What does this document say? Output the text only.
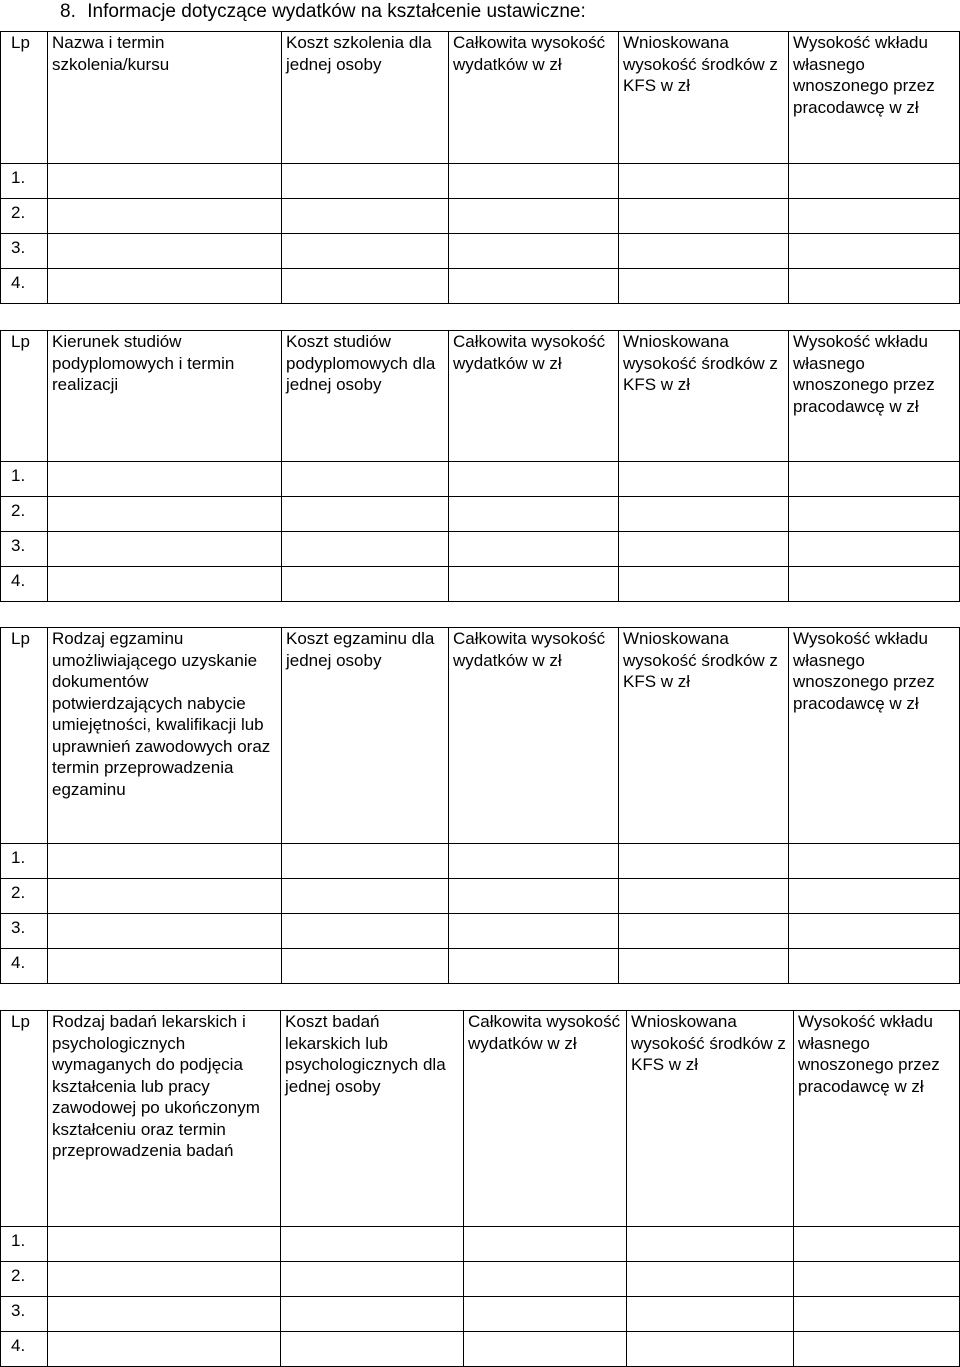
8. Informacje dotyczące wydatków na kształcenie ustawiczne:
Lp	Nazwa i termin szkolenia/kursu	Koszt szkolenia dla jednej osoby	Całkowita wysokość wydatków w zł	Wnioskowana wysokość środków z KFS w zł	Wysokość wkładu własnego wnoszonego przez pracodawcę w zł
1.					
2.					
3.					
4.					
Lp	Kierunek studiów podyplomowych i termin realizacji	Koszt studiów podyplomowych dla jednej osoby	Całkowita wysokość wydatków w zł	Wnioskowana wysokość środków z KFS w zł	Wysokość wkładu własnego wnoszonego przez pracodawcę w zł
1.					
2.					
3.					
4.					
Lp	Rodzaj egzaminu umożliwiającego uzyskanie dokumentów potwierdzających nabycie umiejętności, kwalifikacji lub uprawnień zawodowych oraz termin przeprowadzenia egzaminu	Koszt egzaminu dla jednej osoby	Całkowita wysokość wydatków w zł	Wnioskowana wysokość środków z KFS w zł	Wysokość wkładu własnego wnoszonego przez pracodawcę w zł
1.					
2.					
3.					
4.					
Lp	Rodzaj badań lekarskich i psychologicznych wymaganych do podjęcia kształcenia lub pracy zawodowej po ukończonym kształceniu oraz termin przeprowadzenia badań	Koszt badań lekarskich lub psychologicznych dla jednej osoby	Całkowita wysokość wydatków w zł	Wnioskowana wysokość środków z KFS w zł	Wysokość wkładu własnego wnoszonego przez pracodawcę w zł
1.					
2.					
3.					
4.					
